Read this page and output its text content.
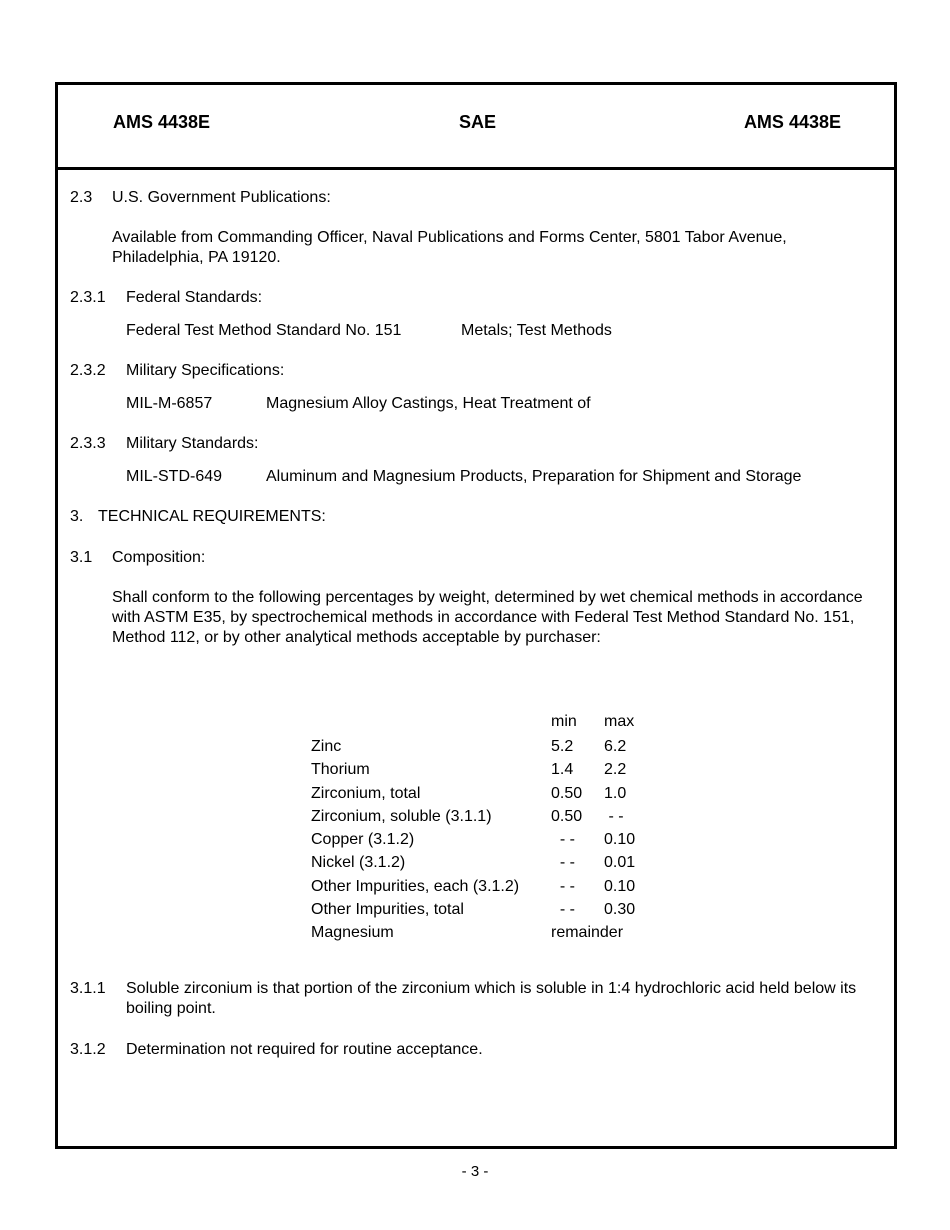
AMS 4438E	SAE	AMS 4438E
2.3 U.S. Government Publications:
Available from Commanding Officer, Naval Publications and Forms Center, 5801 Tabor Avenue, Philadelphia, PA 19120.
2.3.1 Federal Standards:
Federal Test Method Standard No. 151	Metals; Test Methods
2.3.2 Military Specifications:
MIL-M-6857	Magnesium Alloy Castings, Heat Treatment of
2.3.3 Military Standards:
MIL-STD-649	Aluminum and Magnesium Products, Preparation for Shipment and Storage
3. TECHNICAL REQUIREMENTS:
3.1 Composition:
Shall conform to the following percentages by weight, determined by wet chemical methods in accordance with ASTM E35, by spectrochemical methods in accordance with Federal Test Method Standard No. 151, Method 112, or by other analytical methods acceptable by purchaser:
min max
Zinc	5.2 6.2
Thorium	1.4 2.2
Zirconium, total	0.50 1.0
Zirconium, soluble (3.1.1)	0.50 - -
Copper (3.1.2)	- - 0.10
Nickel (3.1.2)	- - 0.01
Other Impurities, each (3.1.2) - - 0.10
Other Impurities, total	- - 0.30
Magnesium	remainder
3.1.1 Soluble zirconium is that portion of the zirconium which is soluble in 1:4 hydrochloric acid held below its boiling point.
3.1.2 Determination not required for routine acceptance.
- 3 -
